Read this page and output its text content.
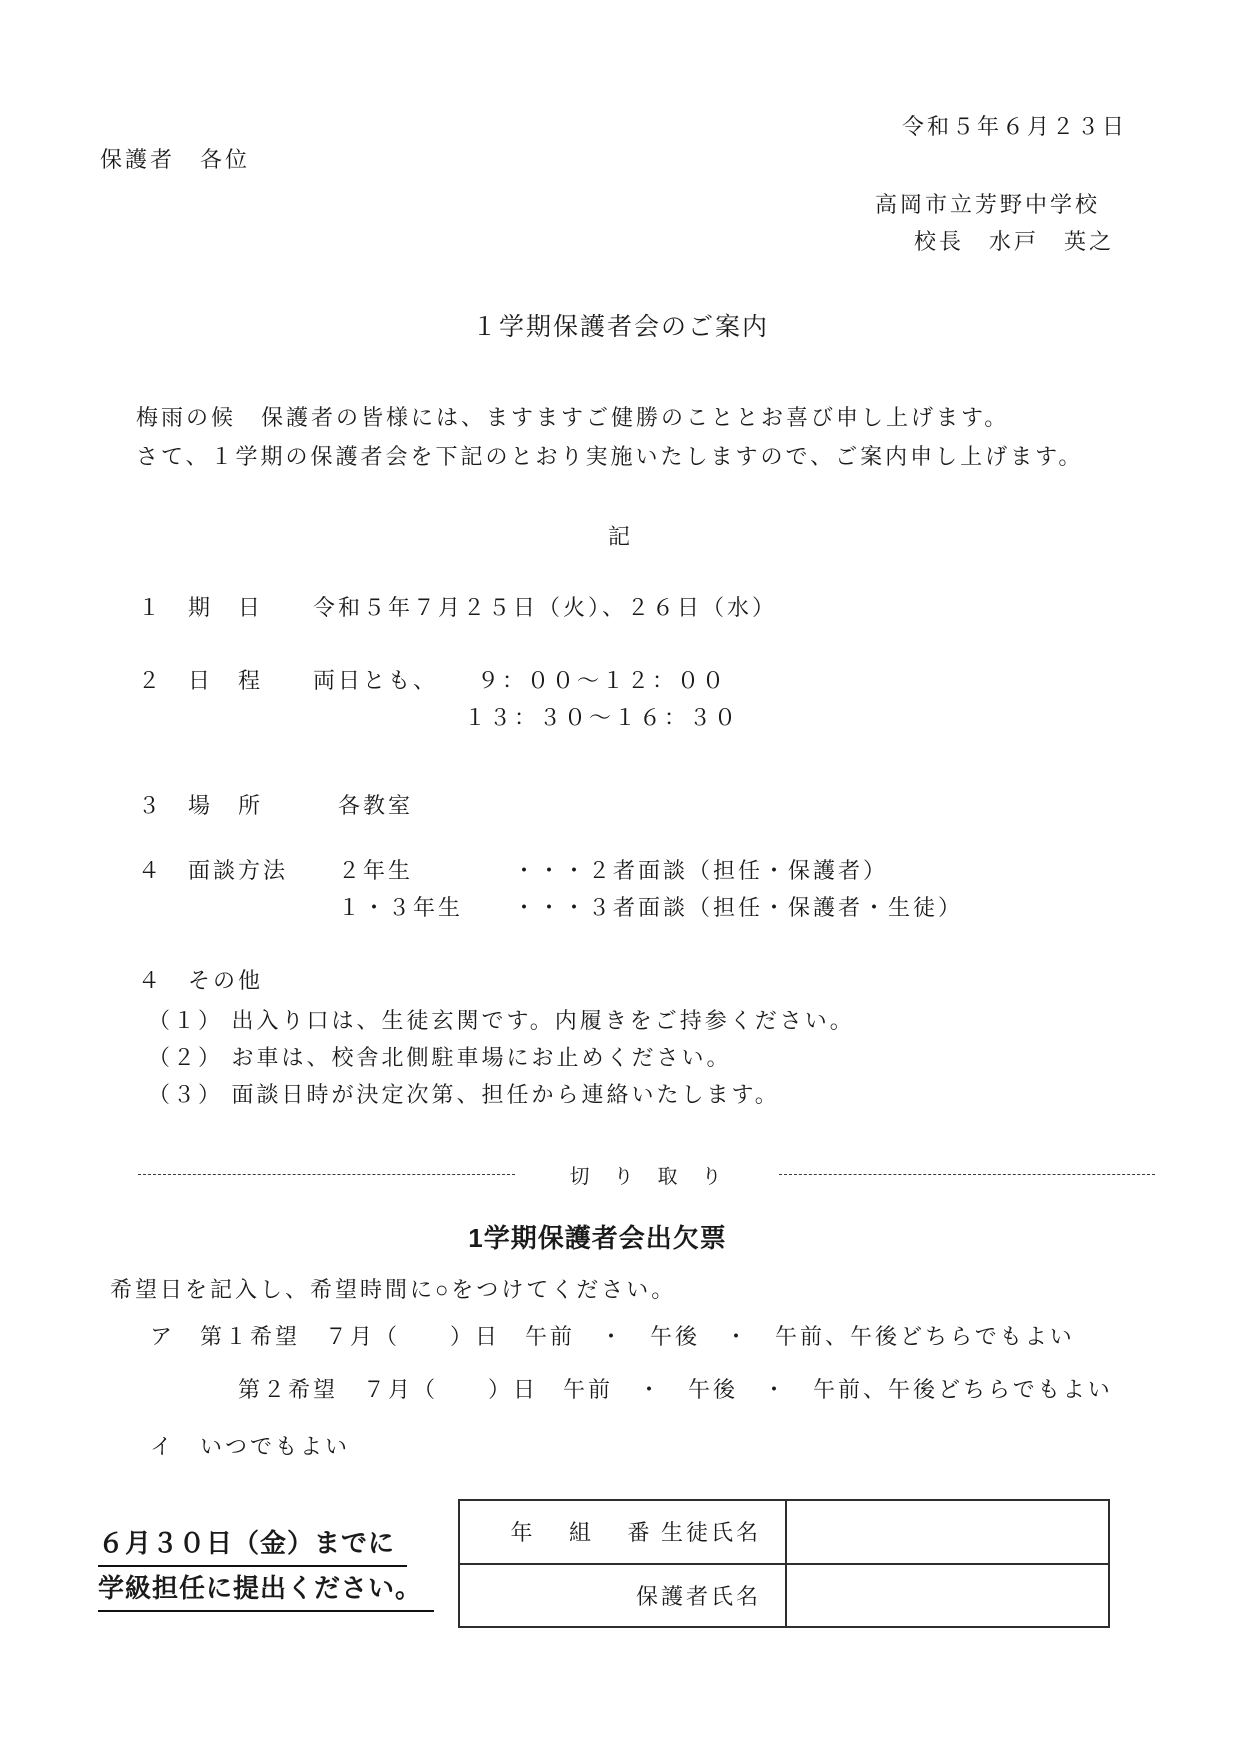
令和５年６月２３日
保護者　各位
高岡市立芳野中学校
校長　水戸　英之
１学期保護者会のご案内
梅雨の候　保護者の皆様には、ますますご健勝のこととお喜び申し上げます。
さて、１学期の保護者会を下記のとおり実施いたしますので、ご案内申し上げます。
記
１　期　日　　令和５年７月２５日（火）、２６日（水）
２　日　程　　両日とも、　　９：００～１２：００
１３：３０～１６：３０
３　場　所　　　各教室
４　面談方法　　２年生　　　　・・・２者面談（担任・保護者）
１・３年生　　・・・３者面談（担任・保護者・生徒）
４　その他
（１） 出入り口は、生徒玄関です。内履きをご持参ください。
（２） お車は、校舎北側駐車場にお止めください。
（３） 面談日時が決定次第、担任から連絡いたします。
切　り　取　り
1学期保護者会出欠票
希望日を記入し、希望時間に○をつけてください。
ア　第１希望　７月（　　）日　午前　・　午後　・　午前、午後どちらでもよい
第２希望　７月（　　）日　午前　・　午後　・　午前、午後どちらでもよい
イ　いつでもよい
６月３０日（金）までに
学級担任に提出ください。
年　 組　 番 生徒氏名
保護者氏名
